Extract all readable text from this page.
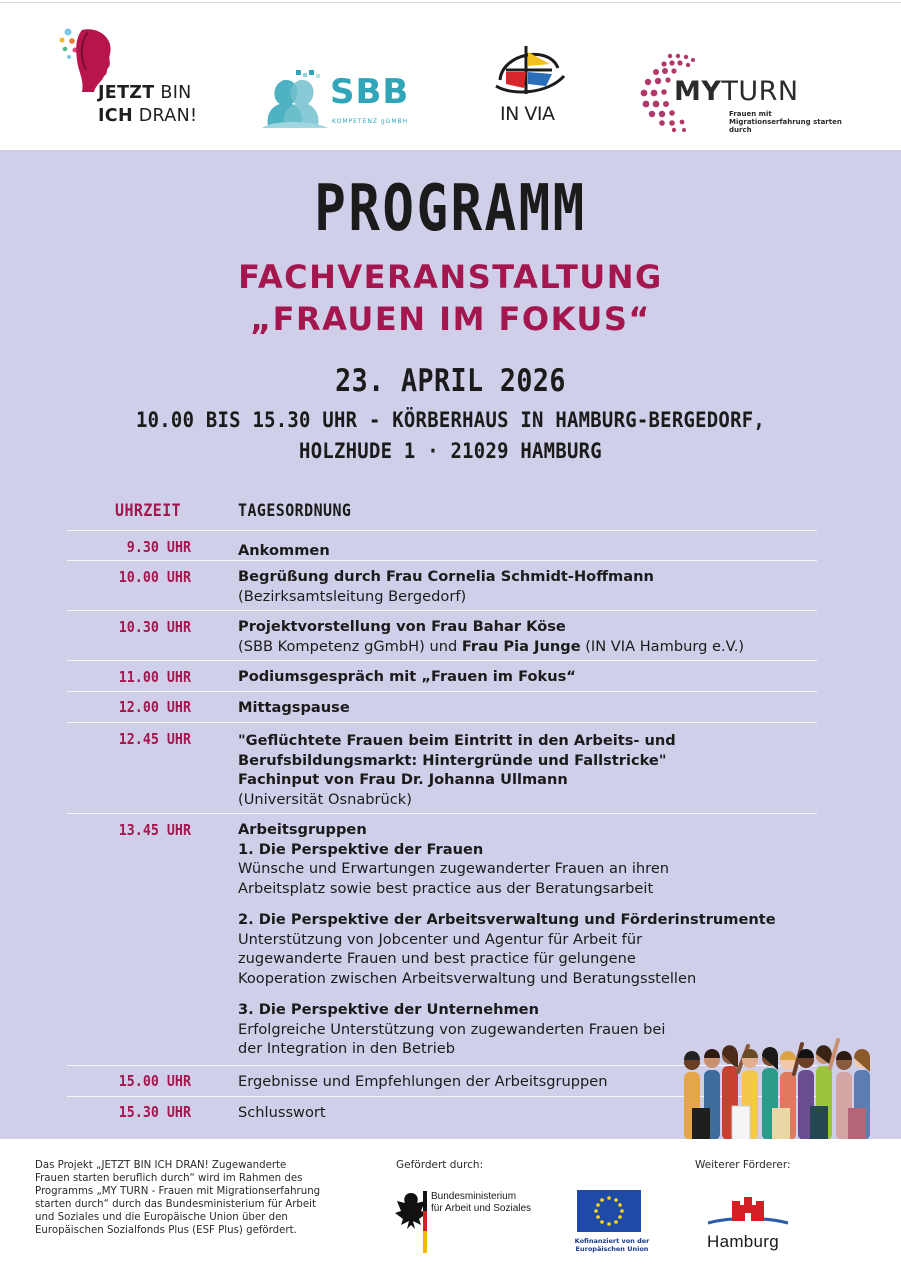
JETZT BIN
ICH DRAN!
SBB
KOMPETENZ gGMBH	IN VIA
MYTURN
Frauen mit Migrationserfahrung starten durch
PROGRAMM
FACHVERANSTALTUNG
„FRAUEN IM FOKUS“
23. APRIL 2026
10.00 BIS 15.30 UHR - KÖRBERHAUS IN HAMBURG-BERGEDORF,
HOLZHUDE 1 · 21029 HAMBURG
UHRZEIT	TAGESORDNUNG
9.30 UHR	Ankommen
10.00 UHR	Begrüßung durch Frau Cornelia Schmidt-Hoffmann
(Bezirksamtsleitung Bergedorf)
10.30 UHR	Projektvorstellung von Frau Bahar Köse
(SBB Kompetenz gGmbH) und Frau Pia Junge (IN VIA Hamburg e.V.)
11.00 UHR	Podiumsgespräch mit „Frauen im Fokus“
12.00 UHR	Mittagspause
12.45 UHR	"Geflüchtete Frauen beim Eintritt in den Arbeits- und
Berufsbildungsmarkt: Hintergründe und Fallstricke"
Fachinput von Frau Dr. Johanna Ullmann
(Universität Osnabrück)
13.45 UHR	Arbeitsgruppen
1. Die Perspektive der Frauen
Wünsche und Erwartungen zugewanderter Frauen an ihren
Arbeitsplatz sowie best practice aus der Beratungsarbeit
2. Die Perspektive der Arbeitsverwaltung und Förderinstrumente
Unterstützung von Jobcenter und Agentur für Arbeit für
zugewanderte Frauen und best practice für gelungene
Kooperation zwischen Arbeitsverwaltung und Beratungsstellen
3. Die Perspektive der Unternehmen
Erfolgreiche Unterstützung von zugewanderten Frauen bei
der Integration in den Betrieb
15.00 UHR	Ergebnisse und Empfehlungen der Arbeitsgruppen
15.30 UHR	Schlusswort
Das Projekt „JETZT BIN ICH DRAN! Zugewanderte
Frauen starten beruflich durch“ wird im Rahmen des
Programms „MY TURN - Frauen mit Migrationserfahrung
starten durch“ durch das Bundesministerium für Arbeit
und Soziales und die Europäische Union über den
Europäischen Sozialfonds Plus (ESF Plus) gefördert.
Gefördert durch:	Weiterer Förderer:
Bundesministerium
für Arbeit und Soziales
Kofinanziert von der
Europäischen Union	Hamburg
